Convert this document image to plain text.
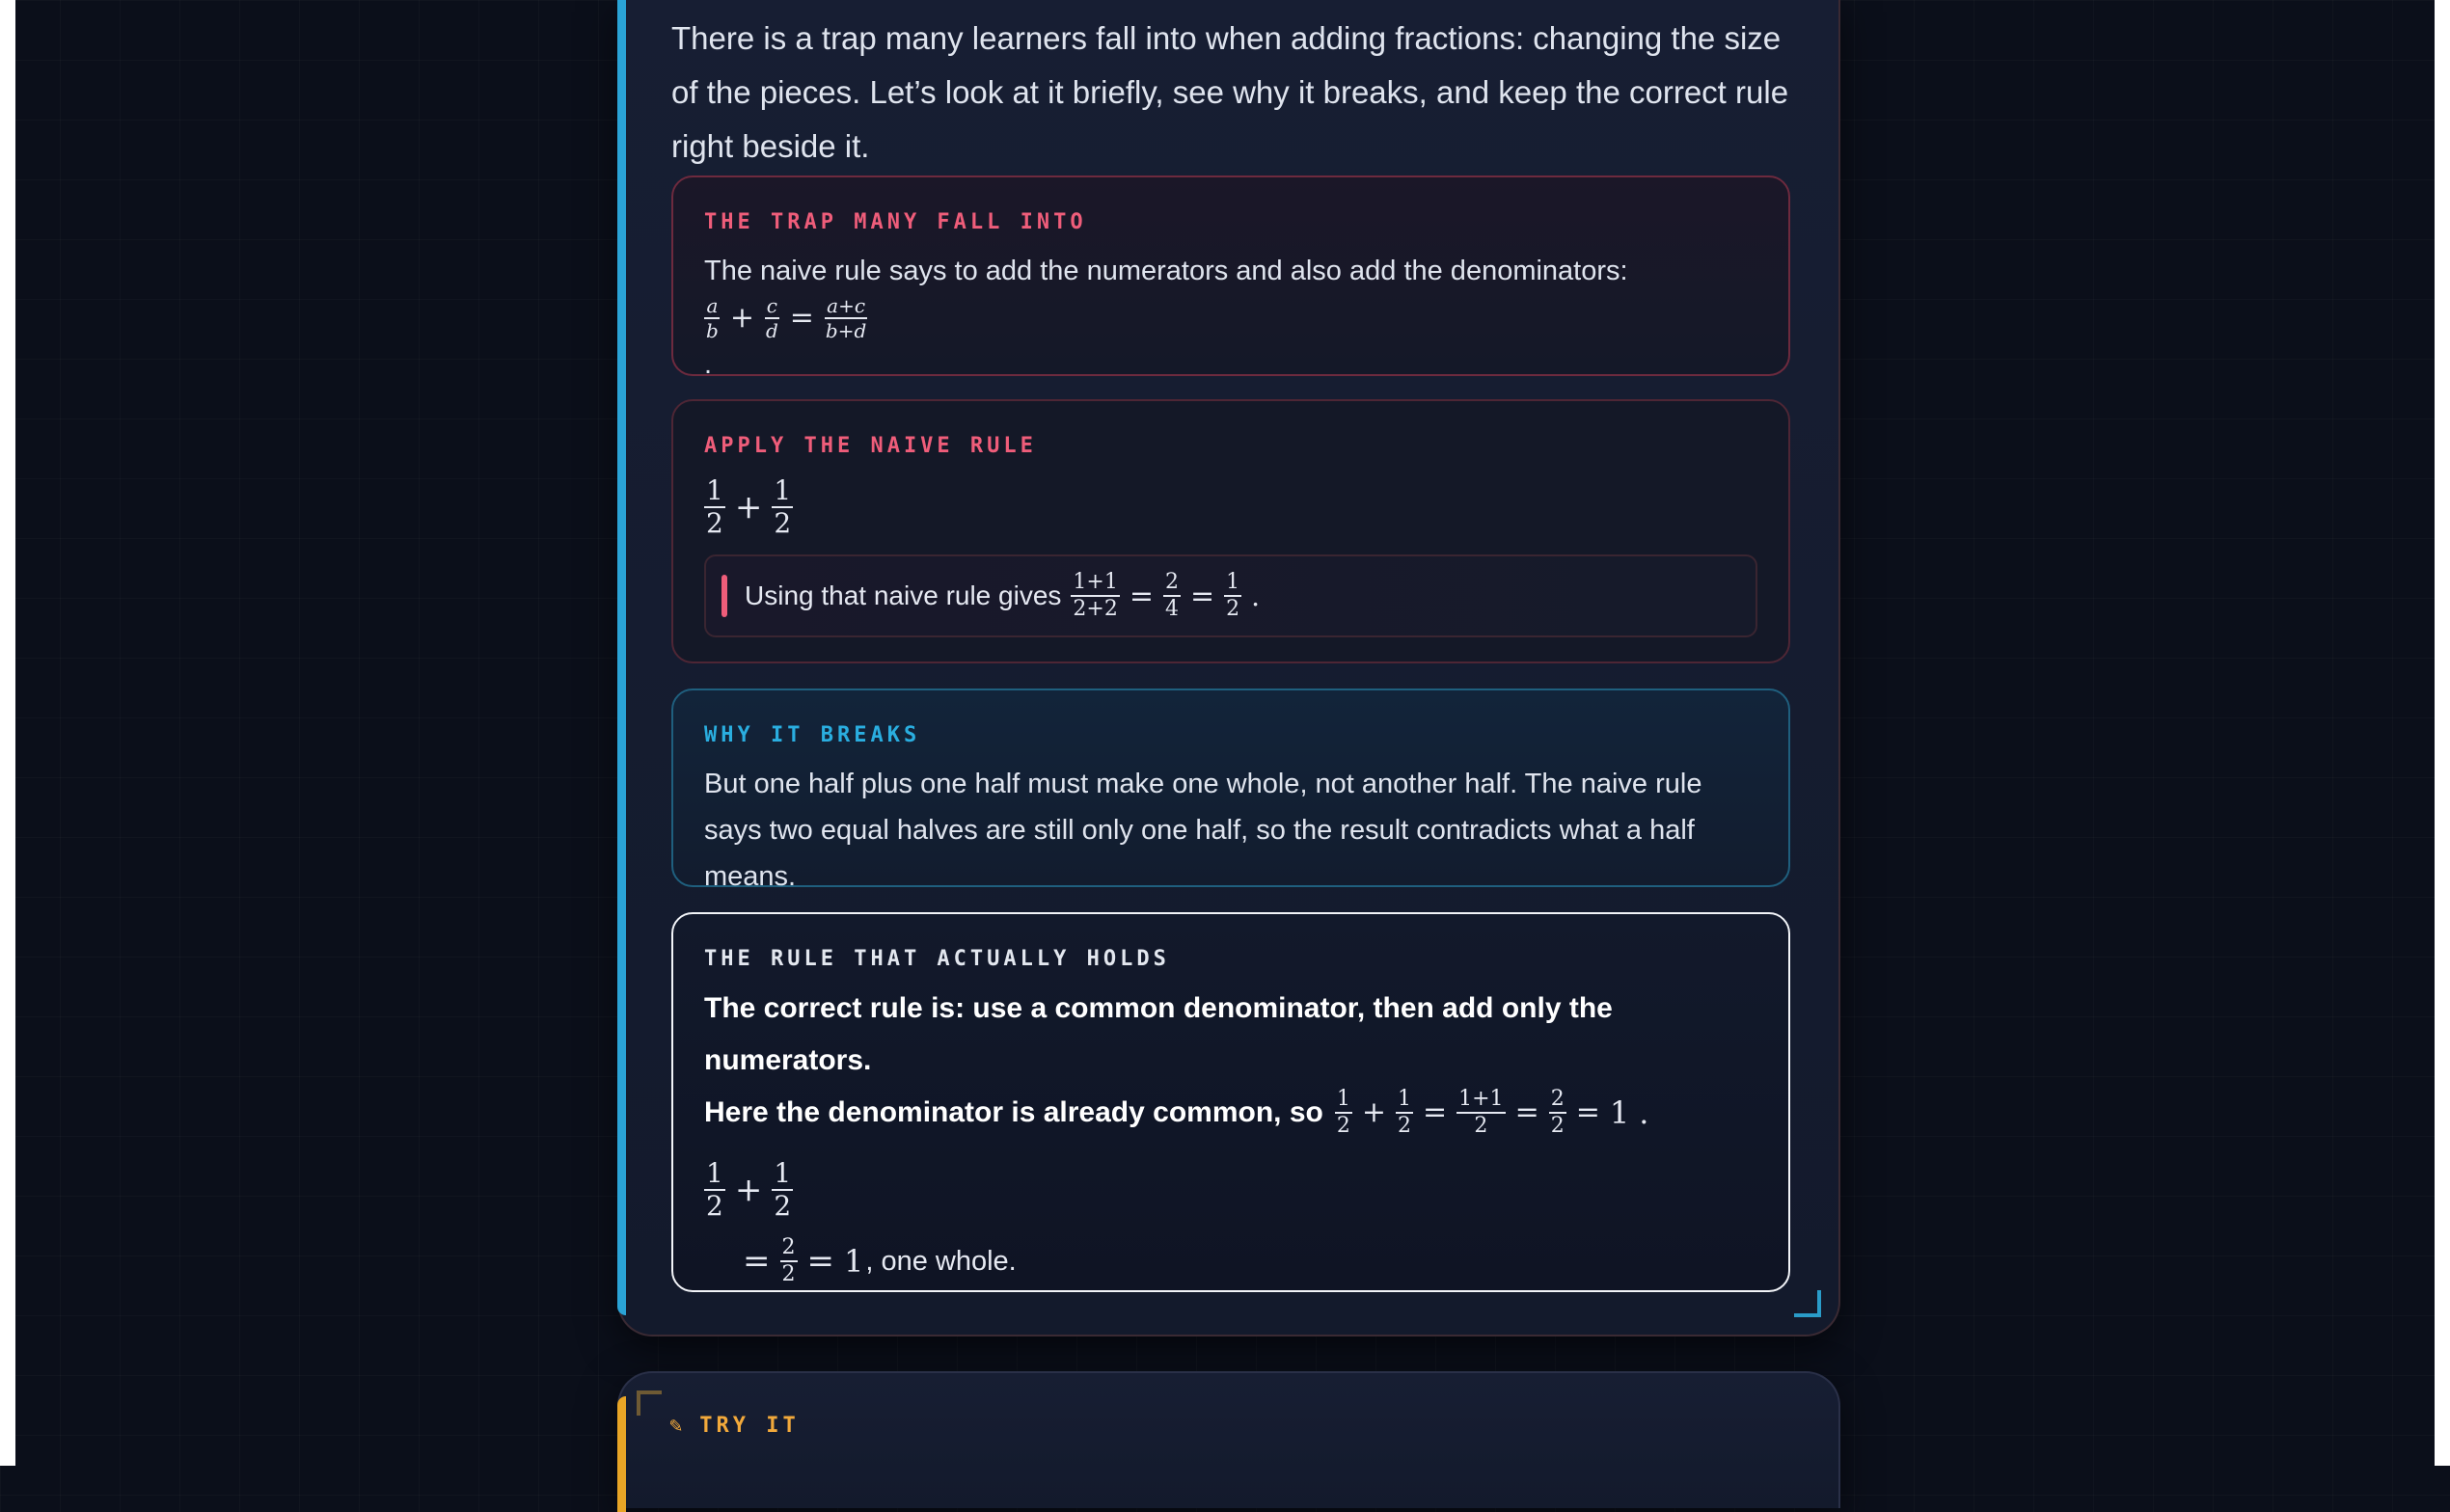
There is a trap many learners fall into when adding fractions: changing the size of the pieces. Let’s look at it briefly, see why it breaks, and keep the correct rule right beside it.
THE TRAP MANY FALL INTO
The naive rule says to add the numerators and also add the denominators:
$\frac{a}{b} + \frac{c}{d} = \frac{a+c}{b+d}$
.
APPLY THE NAIVE RULE
$\frac{1}{2} + \frac{1}{2}$
Using that naive rule gives $\frac{1+1}{2+2} = \frac{2}{4} = \frac{1}{2}$ .
WHY IT BREAKS
But one half plus one half must make one whole, not another half. The naive rule says two equal halves are still only one half, so the result contradicts what a half means.
THE RULE THAT ACTUALLY HOLDS
The correct rule is: use a common denominator, then add only the numerators.
Here the denominator is already common, so $\frac{1}{2} + \frac{1}{2} = \frac{1+1}{2} = \frac{2}{2} = 1$ .
$\frac{1}{2} + \frac{1}{2}$
= $\frac{2}{2} = 1$ , one whole.
✎ TRY IT
